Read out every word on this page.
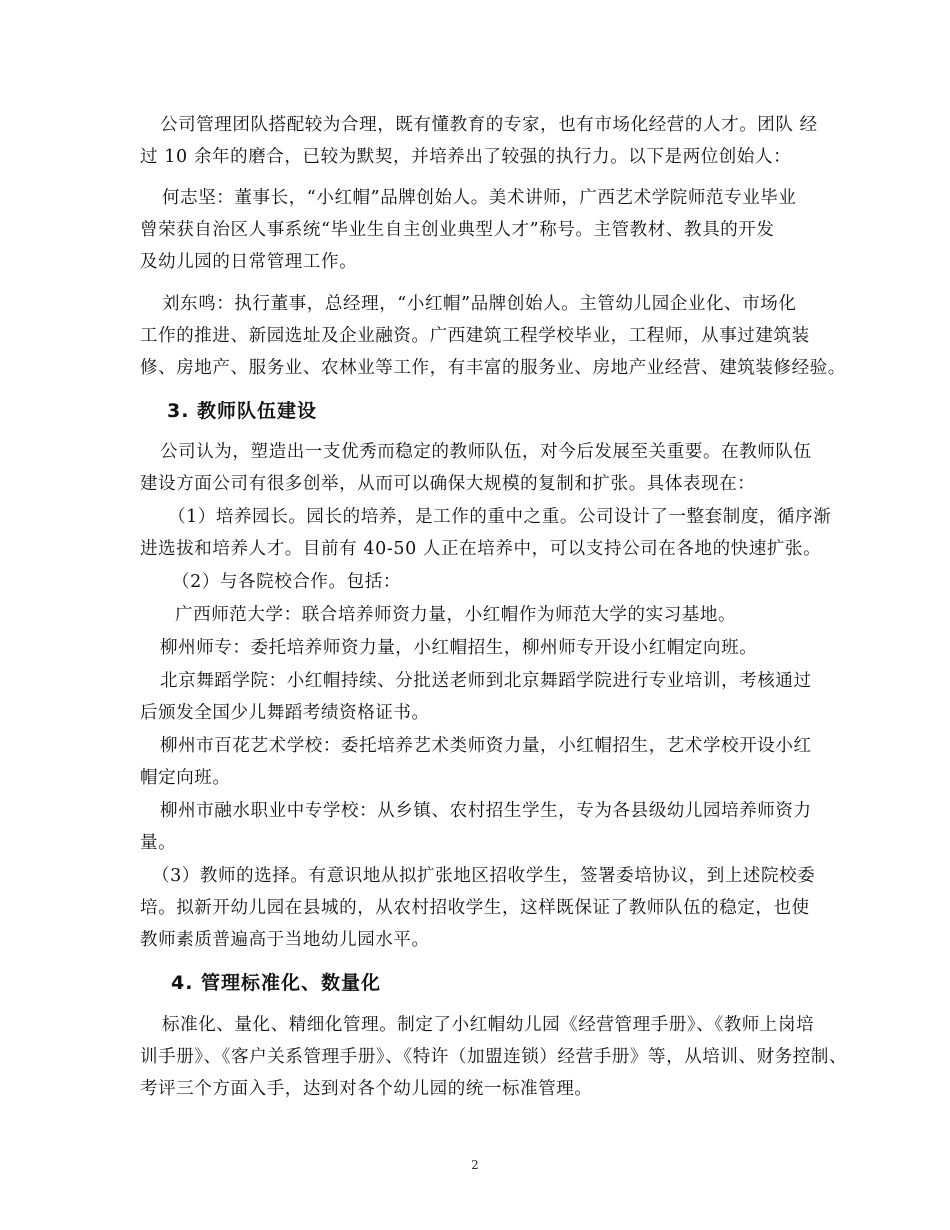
公司管理团队搭配较为合理，既有懂教育的专家，也有市场化经营的人才。团队 经
过 10 余年的磨合，已较为默契，并培养出了较强的执行力。以下是两位创始人：
何志坚：董事长，“小红帽”品牌创始人。美术讲师，广西艺术学院师范专业毕业
曾荣获自治区人事系统“毕业生自主创业典型人才”称号。主管教材、教具的开发
及幼儿园的日常管理工作。
刘东鸣：执行董事，总经理，“小红帽”品牌创始人。主管幼儿园企业化、市场化
工作的推进、新园选址及企业融资。广西建筑工程学校毕业，工程师，从事过建筑装
修、房地产、服务业、农林业等工作，有丰富的服务业、房地产业经营、建筑装修经验。
3. 教师队伍建设
公司认为，塑造出一支优秀而稳定的教师队伍，对今后发展至关重要。在教师队伍
建设方面公司有很多创举，从而可以确保大规模的复制和扩张。具体表现在：
（1）培养园长。园长的培养，是工作的重中之重。公司设计了一整套制度，循序渐
进选拔和培养人才。目前有 40-50 人正在培养中，可以支持公司在各地的快速扩张。
（2）与各院校合作。包括：
广西师范大学：联合培养师资力量，小红帽作为师范大学的实习基地。
柳州师专：委托培养师资力量，小红帽招生，柳州师专开设小红帽定向班。
北京舞蹈学院：小红帽持续、分批送老师到北京舞蹈学院进行专业培训，考核通过
后颁发全国少儿舞蹈考绩资格证书。
柳州市百花艺术学校：委托培养艺术类师资力量，小红帽招生，艺术学校开设小红
帽定向班。
柳州市融水职业中专学校：从乡镇、农村招生学生，专为各县级幼儿园培养师资力
量。
（3）教师的选择。有意识地从拟扩张地区招收学生，签署委培协议，到上述院校委
培。拟新开幼儿园在县城的，从农村招收学生，这样既保证了教师队伍的稳定，也使
教师素质普遍高于当地幼儿园水平。
4. 管理标准化、数量化
标准化、量化、精细化管理。制定了小红帽幼儿园《经营管理手册》、《教师上岗培
训手册》、《客户关系管理手册》、《特许（加盟连锁）经营手册》等，从培训、财务控制、
考评三个方面入手，达到对各个幼儿园的统一标准管理。
2
